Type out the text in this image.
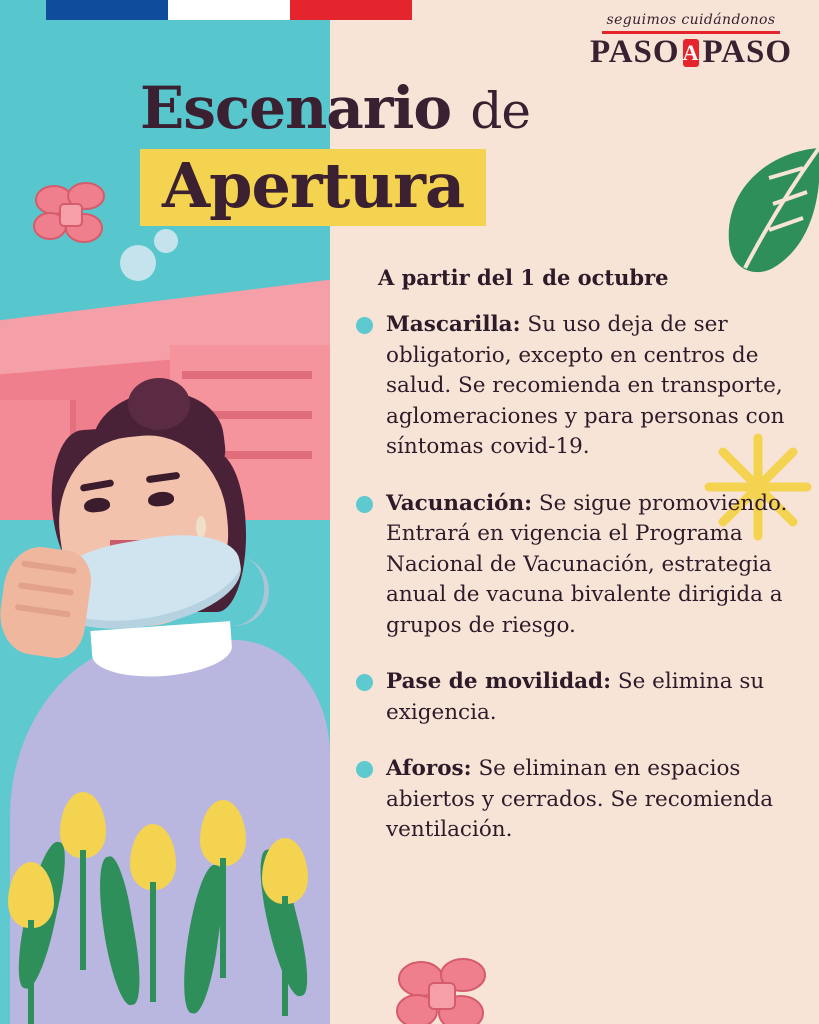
seguimos cuidándonos
PASO A PASO
A partir del 1 de octubre
Mascarilla: Su uso deja de ser obligatorio, excepto en centros de salud. Se recomienda en transporte, aglomeraciones y para personas con síntomas covid-19.
Vacunación: Se sigue promoviendo. Entrará en vigencia el Programa Nacional de Vacunación, estrategia anual de vacuna bivalente dirigida a grupos de riesgo.
Pase de movilidad: Se elimina su exigencia.
Aforos: Se eliminan en espacios abiertos y cerrados. Se recomienda ventilación.
Escenario de
Apertura
